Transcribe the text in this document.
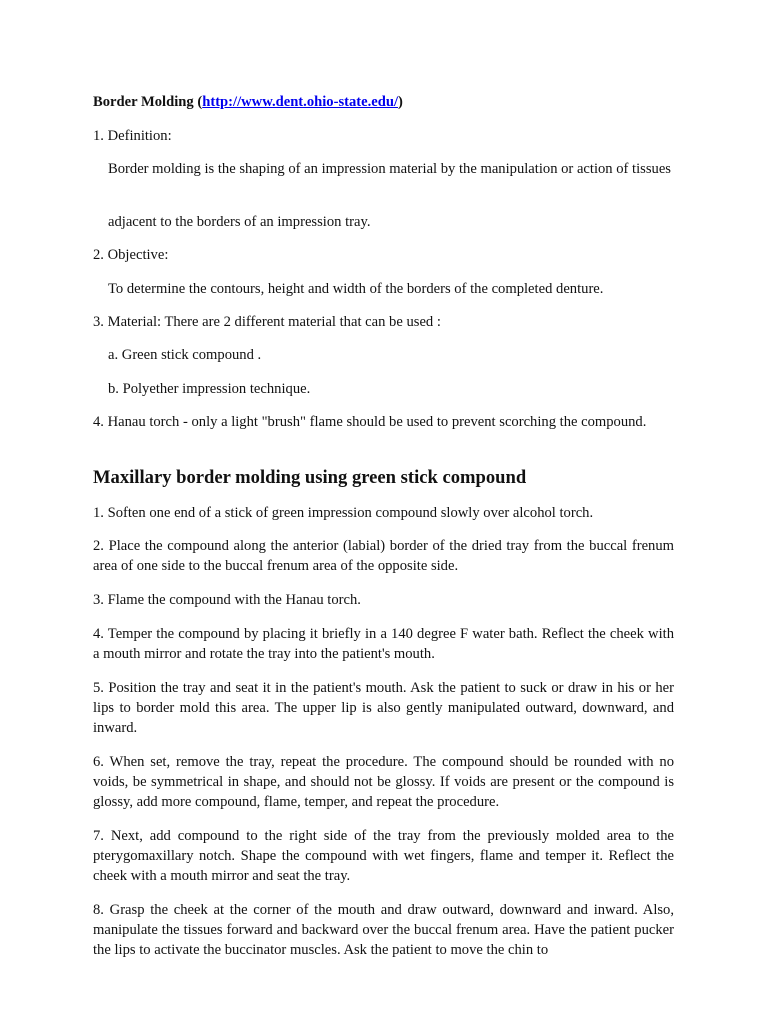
Border Molding (http://www.dent.ohio-state.edu/)

1. Definition:

Border molding is the shaping of an impression material by the manipulation or action of tissues

adjacent to the borders of an impression tray.

2. Objective:

To determine the contours, height and width of the borders of the completed denture.

3. Material: There are 2 different material that can be used :

a. Green stick compound .

b. Polyether impression technique.

4. Hanau torch - only a light "brush" flame should be used to prevent scorching the compound.

Maxillary border molding using green stick compound

1. Soften one end of a stick of green impression compound slowly over alcohol torch.

2. Place the compound along the anterior (labial) border of the dried tray from the buccal frenum area of one side to the buccal frenum area of the opposite side.

3. Flame the compound with the Hanau torch.

4. Temper the compound by placing it briefly in a 140 degree F water bath. Reflect the cheek with a mouth mirror and rotate the tray into the patient's mouth.

5. Position the tray and seat it in the patient's mouth. Ask the patient to suck or draw in his or her lips to border mold this area. The upper lip is also gently manipulated outward, downward, and inward.

6. When set, remove the tray, repeat the procedure. The compound should be rounded with no voids, be symmetrical in shape, and should not be glossy. If voids are present or the compound is glossy, add more compound, flame, temper, and repeat the procedure.

7. Next, add compound to the right side of the tray from the previously molded area to the pterygomaxillary notch. Shape the compound with wet fingers, flame and temper it. Reflect the cheek with a mouth mirror and seat the tray.

8. Grasp the cheek at the corner of the mouth and draw outward, downward and inward. Also, manipulate the tissues forward and backward over the buccal frenum area. Have the patient pucker the lips to activate the buccinator muscles. Ask the patient to move the chin to
